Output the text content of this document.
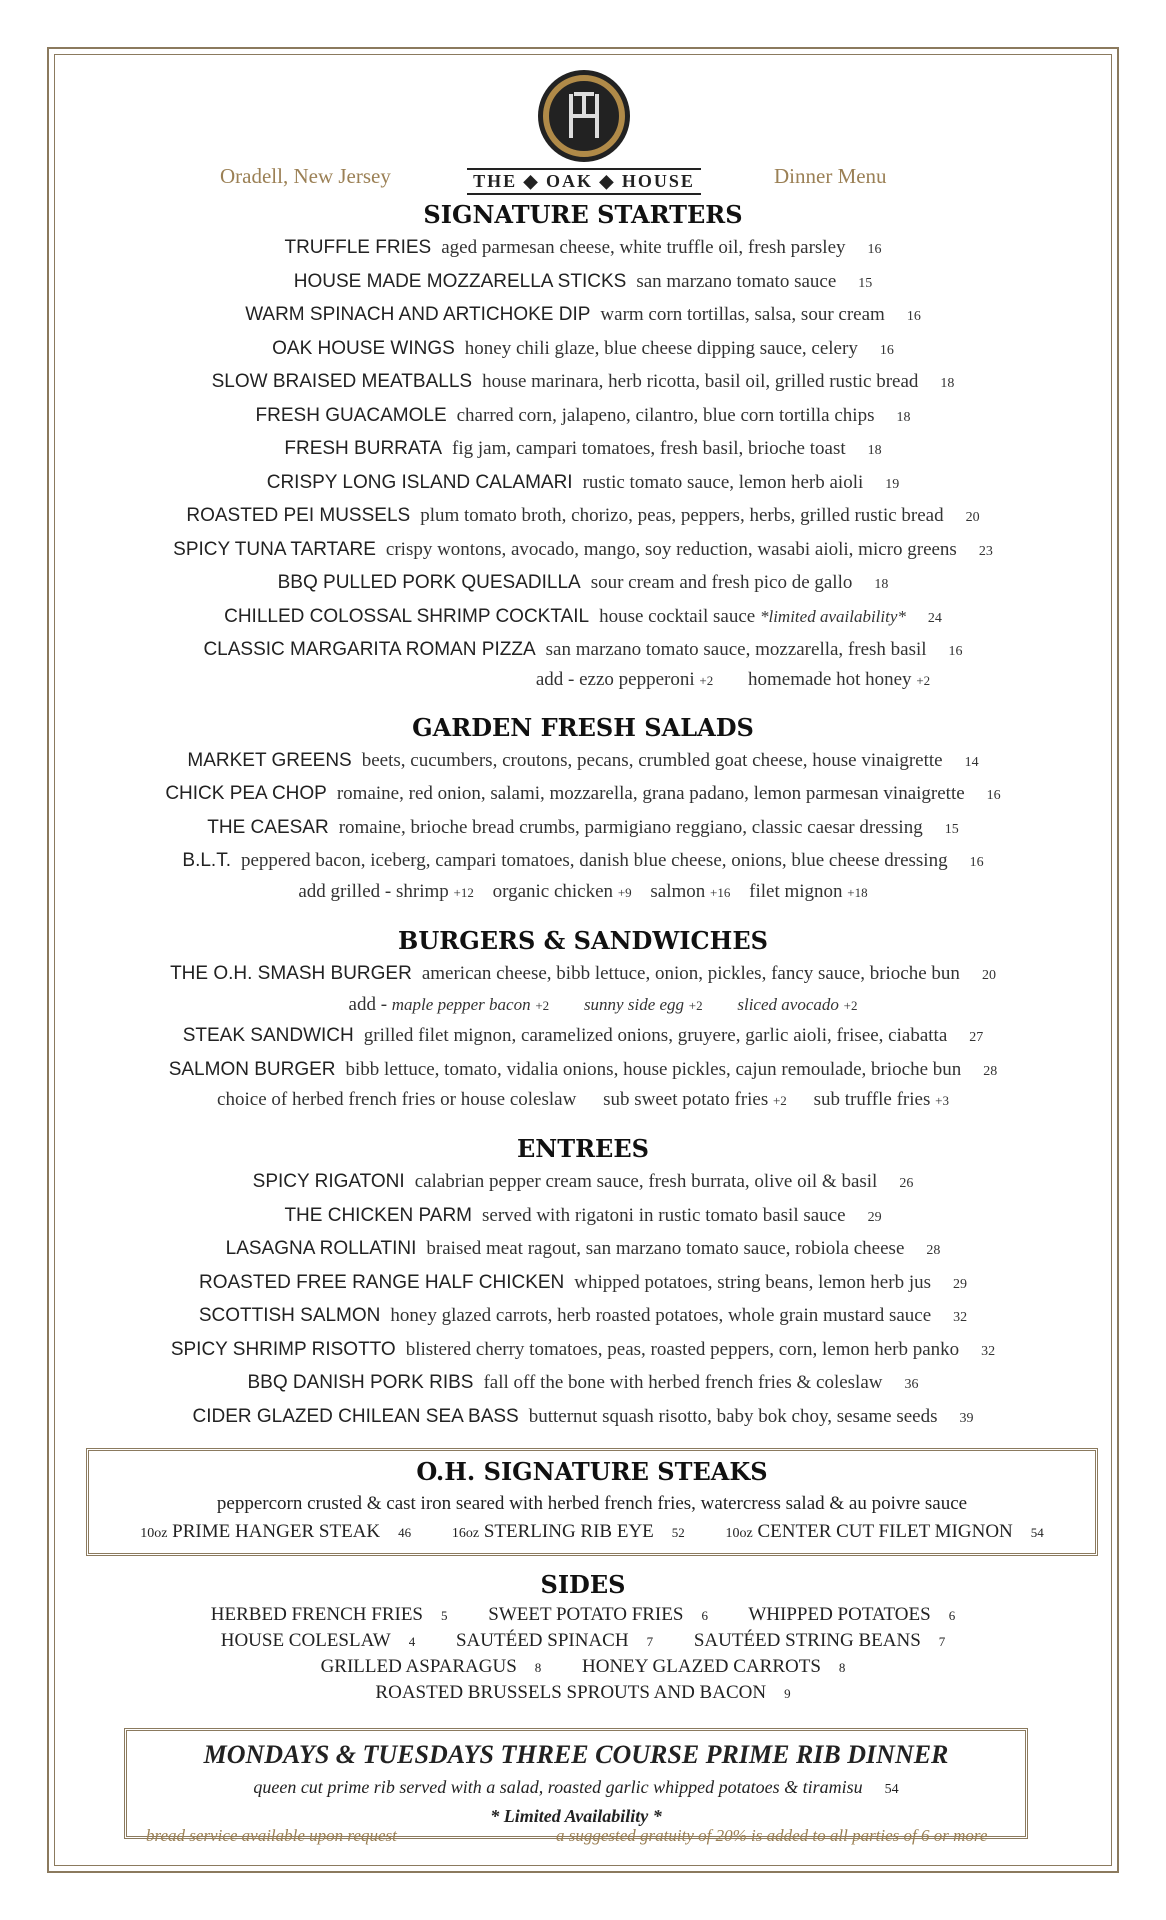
Oradell, New Jersey	THE ◆ OAK ◆ HOUSE	Dinner Menu
SIGNATURE STARTERS
TRUFFLE FRIES aged parmesan cheese, white truffle oil, fresh parsley 16
HOUSE MADE MOZZARELLA STICKS san marzano tomato sauce 15
WARM SPINACH AND ARTICHOKE DIP warm corn tortillas, salsa, sour cream 16
OAK HOUSE WINGS honey chili glaze, blue cheese dipping sauce, celery 16
SLOW BRAISED MEATBALLS house marinara, herb ricotta, basil oil, grilled rustic bread 18
FRESH GUACAMOLE charred corn, jalapeno, cilantro, blue corn tortilla chips 18
FRESH BURRATA fig jam, campari tomatoes, fresh basil, brioche toast 18
CRISPY LONG ISLAND CALAMARI rustic tomato sauce, lemon herb aioli 19
ROASTED PEI MUSSELS plum tomato broth, chorizo, peas, peppers, herbs, grilled rustic bread 20
SPICY TUNA TARTARE crispy wontons, avocado, mango, soy reduction, wasabi aioli, micro greens 23
BBQ PULLED PORK QUESADILLA sour cream and fresh pico de gallo 18
CHILLED COLOSSAL SHRIMP COCKTAIL house cocktail sauce *limited availability* 24
CLASSIC MARGARITA ROMAN PIZZA san marzano tomato sauce, mozzarella, fresh basil 16
add - ezzo pepperoni +2 homemade hot honey +2
GARDEN FRESH SALADS
MARKET GREENS beets, cucumbers, croutons, pecans, crumbled goat cheese, house vinaigrette 14
CHICK PEA CHOP romaine, red onion, salami, mozzarella, grana padano, lemon parmesan vinaigrette 16
THE CAESAR romaine, brioche bread crumbs, parmigiano reggiano, classic caesar dressing 15
B.L.T. peppered bacon, iceberg, campari tomatoes, danish blue cheese, onions, blue cheese dressing 16
add grilled - shrimp +12 organic chicken +9 salmon +16 filet mignon +18
BURGERS & SANDWICHES
THE O.H. SMASH BURGER american cheese, bibb lettuce, onion, pickles, fancy sauce, brioche bun 20
add - maple pepper bacon +2 sunny side egg +2 sliced avocado +2
STEAK SANDWICH grilled filet mignon, caramelized onions, gruyere, garlic aioli, frisee, ciabatta 27
SALMON BURGER bibb lettuce, tomato, vidalia onions, house pickles, cajun remoulade, brioche bun 28
choice of herbed french fries or house coleslaw sub sweet potato fries +2 sub truffle fries +3
ENTREES
SPICY RIGATONI calabrian pepper cream sauce, fresh burrata, olive oil & basil 26
THE CHICKEN PARM served with rigatoni in rustic tomato basil sauce 29
LASAGNA ROLLATINI braised meat ragout, san marzano tomato sauce, robiola cheese 28
ROASTED FREE RANGE HALF CHICKEN whipped potatoes, string beans, lemon herb jus 29
SCOTTISH SALMON honey glazed carrots, herb roasted potatoes, whole grain mustard sauce 32
SPICY SHRIMP RISOTTO blistered cherry tomatoes, peas, roasted peppers, corn, lemon herb panko 32
BBQ DANISH PORK RIBS fall off the bone with herbed french fries & coleslaw 36
CIDER GLAZED CHILEAN SEA BASS butternut squash risotto, baby bok choy, sesame seeds 39
O.H. SIGNATURE STEAKS
peppercorn crusted & cast iron seared with herbed french fries, watercress salad & au poivre sauce
10oz PRIME HANGER STEAK 46	16oz STERLING RIB EYE 52	10oz CENTER CUT FILET MIGNON 54
SIDES
HERBED FRENCH FRIES 5 SWEET POTATO FRIES 6 WHIPPED POTATOES 6
HOUSE COLESLAW 4 SAUTÉED SPINACH 7 SAUTÉED STRING BEANS 7
GRILLED ASPARAGUS 8 HONEY GLAZED CARROTS 8
ROASTED BRUSSELS SPROUTS AND BACON 9
MONDAYS & TUESDAYS THREE COURSE PRIME RIB DINNER
queen cut prime rib served with a salad, roasted garlic whipped potatoes & tiramisu 54
* Limited Availability *
bread service available upon request	a suggested gratuity of 20% is added to all parties of 6 or more
